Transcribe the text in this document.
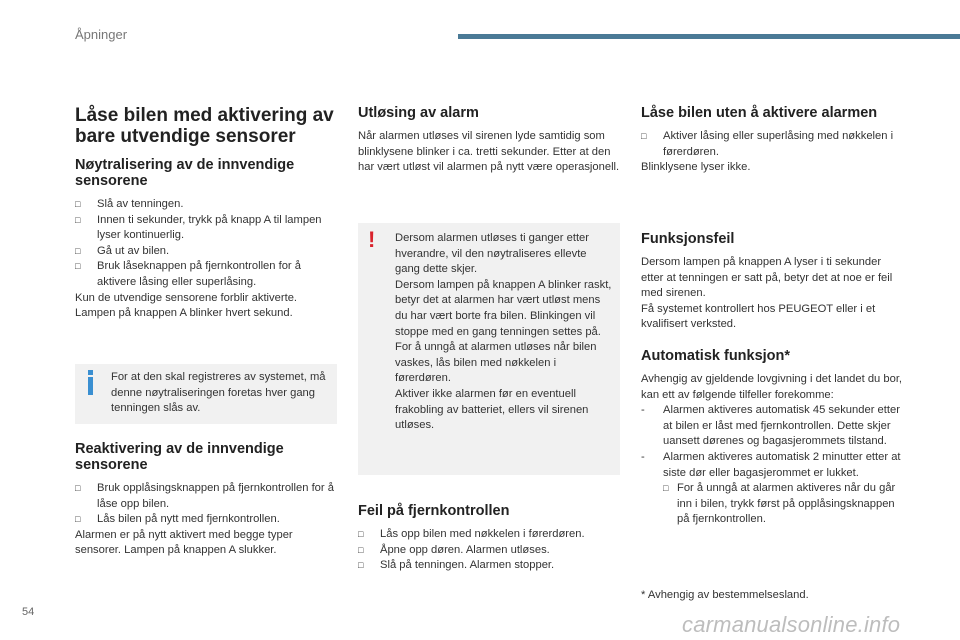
Åpninger
Låse bilen med aktivering av bare utvendige sensorer
Nøytralisering av de innvendige sensorene
□	Slå av tenningen.
□	Innen ti sekunder, trykk på knapp A til lampen lyser kontinuerlig.
□	Gå ut av bilen.
□	Bruk låseknappen på fjernkontrollen for å aktivere låsing eller superlåsing.

Kun de utvendige sensorene forblir aktiverte.

Lampen på knappen A blinker hvert sekund.

For at den skal registreres av systemet, må denne nøytraliseringen foretas hver gang tenningen slås av.
Reaktivering av de innvendige sensorene
□	Bruk opplåsingsknappen på fjernkontrollen for å låse opp bilen.
□	Lås bilen på nytt med fjernkontrollen.

Alarmen er på nytt aktivert med begge typer sensorer. Lampen på knappen A slukker.

Utløsing av alarm

Når alarmen utløses vil sirenen lyde samtidig som blinklysene blinker i ca. tretti sekunder. Etter at den har vært utløst vil alarmen på nytt være operasjonell.

! Dersom alarmen utløses ti ganger etter hverandre, vil den nøytraliseres ellevte gang dette skjer.

Dersom lampen på knappen A blinker raskt, betyr det at alarmen har vært utløst mens du har vært borte fra bilen. Blinkingen vil stoppe med en gang tenningen settes på.

For å unngå at alarmen utløses når bilen vaskes, lås bilen med nøkkelen i førerdøren.

Aktiver ikke alarmen før en eventuell frakobling av batteriet, ellers vil sirenen utløses.

Feil på fjernkontrollen
□	Lås opp bilen med nøkkelen i førerdøren.
□	Åpne opp døren. Alarmen utløses.
□	Slå på tenningen. Alarmen stopper.
Låse bilen uten å aktivere alarmen
□	Aktiver låsing eller superlåsing med nøkkelen i førerdøren.

Blinklysene lyser ikke.

Funksjonsfeil

Dersom lampen på knappen A lyser i ti sekunder etter at tenningen er satt på, betyr det at noe er feil med sirenen.

Få systemet kontrollert hos PEUGEOT eller i et kvalifisert verksted.

Automatisk funksjon*

Avhengig av gjeldende lovgivning i det landet du bor, kan ett av følgende tilfeller forekomme:

- Alarmen aktiveres automatisk 45 sekunder etter at bilen er låst med fjernkontrollen. Dette skjer uansett dørenes og bagasjerommets tilstand.
- Alarmen aktiveres automatisk 2 minutter etter at siste dør eller bagasjerommet er lukket.
□ For å unngå at alarmen aktiveres når du går inn i bilen, trykk først på opplåsingsknappen på fjernkontrollen.

* Avhengig av bestemmelsesland.

54	carmanualsonline.info
